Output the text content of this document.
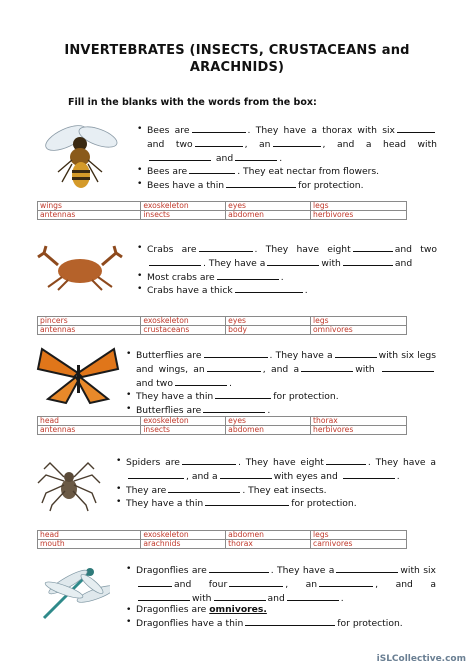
INVERTEBRATES (INSECTS, CRUSTACEANS and
ARACHNIDS)
Fill in the blanks with the words from the box:
• Bees are	. They have a thorax with six and two	, an	, and a head with and	.
• Bees are	. They eat nectar from flowers.
• Bees have a thin	for protection.
wings	exoskeleton	eyes	legs
antennas	insects	abdomen	herbivores
• Crabs are	. They have eight	and two . They have a	with	and
• Most crabs are	.
• Crabs have a thick	.
pincers	exoskeleton	eyes	legs
antennas	crustaceans	body	omnivores
• Butterflies are	. They have a	with six legs and wings, an	, and a	with and two	.
• They have a thin	for protection.
• Butterflies are	.
head	exoskeleton	eyes	thorax
antennas	insects	abdomen	herbivores
• Spiders are	. They have eight	. They have a , and a	with eyes and	.
• They are	. They eat insects.
• They have a thin	for protection.
head	exoskeleton	abdomen	legs
mouth	arachnids	thorax	carnivores
• Dragonflies are	. They have a	with six and four	, an	, and a with	and	.
• Dragonflies are omnivores.
• Dragonflies have a thin	for protection.
iSLCollective.com
